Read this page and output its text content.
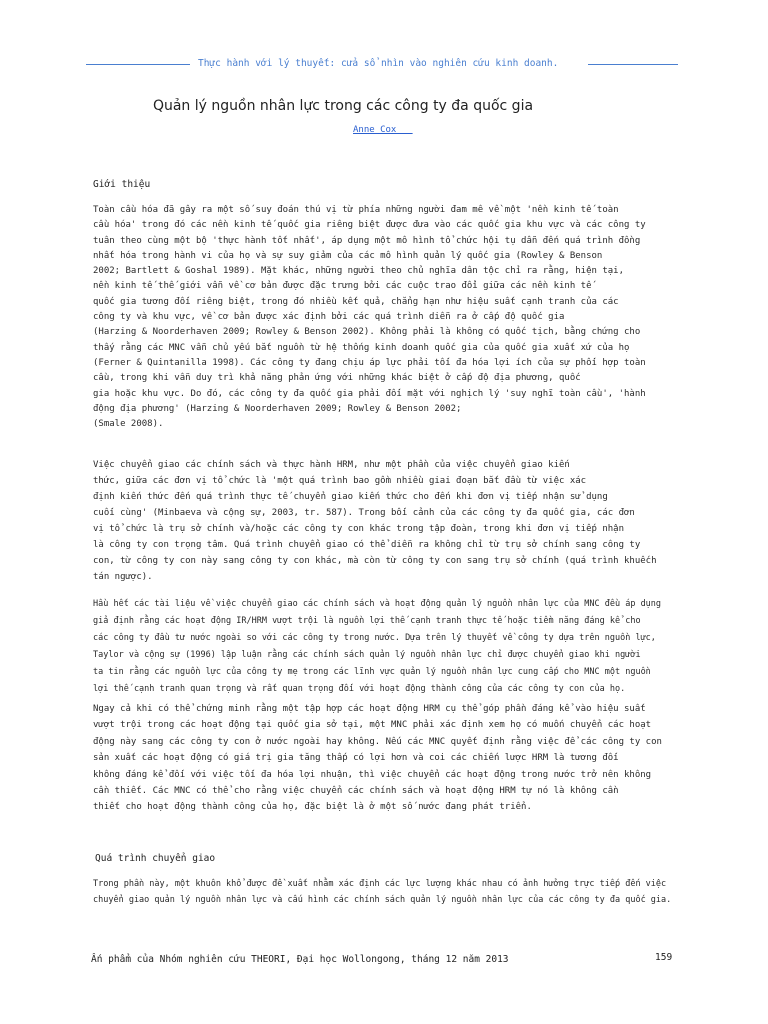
Thực hành với lý thuyết: cửa sổ nhìn vào nghiên cứu kinh doanh.
Quản lý nguồn nhân lực trong các công ty đa quốc gia
Anne Cox
Giới thiệu
Toàn cầu hóa đã gây ra một số suy đoán thú vị từ phía những người đam mê về một 'nền kinh tế toàn
cầu hóa' trong đó các nền kinh tế quốc gia riêng biệt được đưa vào các quốc gia khu vực và các công ty
tuân theo cùng một bộ 'thực hành tốt nhất', áp dụng một mô hình tổ chức hội tụ dẫn đến quá trình đồng
nhất hóa trong hành vi của họ và sự suy giảm của các mô hình quản lý quốc gia (Rowley & Benson
2002; Bartlett & Goshal 1989). Mặt khác, những người theo chủ nghĩa dân tộc chỉ ra rằng, hiện tại,
nền kinh tế thế giới vẫn về cơ bản được đặc trưng bởi các cuộc trao đổi giữa các nền kinh tế
quốc gia tương đối riêng biệt, trong đó nhiều kết quả, chẳng hạn như hiệu suất cạnh tranh của các
công ty và khu vực, về cơ bản được xác định bởi các quá trình diễn ra ở cấp độ quốc gia
(Harzing & Noorderhaven 2009; Rowley & Benson 2002). Không phải là không có quốc tịch, bằng chứng cho
thấy rằng các MNC vẫn chủ yếu bắt nguồn từ hệ thống kinh doanh quốc gia của quốc gia xuất xứ của họ
(Ferner & Quintanilla 1998). Các công ty đang chịu áp lực phải tối đa hóa lợi ích của sự phối hợp toàn
cầu, trong khi vẫn duy trì khả năng phản ứng với những khác biệt ở cấp độ địa phương, quốc
gia hoặc khu vực. Do đó, các công ty đa quốc gia phải đối mặt với nghịch lý 'suy nghĩ toàn cầu', 'hành
động địa phương' (Harzing & Noorderhaven 2009; Rowley & Benson 2002;
(Smale 2008).
Việc chuyển giao các chính sách và thực hành HRM, như một phần của việc chuyển giao kiến
thức, giữa các đơn vị tổ chức là 'một quá trình bao gồm nhiều giai đoạn bắt đầu từ việc xác
định kiến thức đến quá trình thực tế chuyển giao kiến thức cho đến khi đơn vị tiếp nhận sử dụng
cuối cùng' (Minbaeva và cộng sự, 2003, tr. 587). Trong bối cảnh của các công ty đa quốc gia, các đơn
vị tổ chức là trụ sở chính và/hoặc các công ty con khác trong tập đoàn, trong khi đơn vị tiếp nhận
là công ty con trọng tâm. Quá trình chuyển giao có thể diễn ra không chỉ từ trụ sở chính sang công ty
con, từ công ty con này sang công ty con khác, mà còn từ công ty con sang trụ sở chính (quá trình khuếch
tán ngược).
Hầu hết các tài liệu về việc chuyển giao các chính sách và hoạt động quản lý nguồn nhân lực của MNC đều áp dụng
giả định rằng các hoạt động IR/HRM vượt trội là nguồn lợi thế cạnh tranh thực tế hoặc tiềm năng đáng kể cho
các công ty đầu tư nước ngoài so với các công ty trong nước. Dựa trên lý thuyết về công ty dựa trên nguồn lực,
Taylor và cộng sự (1996) lập luận rằng các chính sách quản lý nguồn nhân lực chỉ được chuyển giao khi người
ta tin rằng các nguồn lực của công ty mẹ trong các lĩnh vực quản lý nguồn nhân lực cung cấp cho MNC một nguồn
lợi thế cạnh tranh quan trọng và rất quan trọng đối với hoạt động thành công của các công ty con của họ.
Ngay cả khi có thể chứng minh rằng một tập hợp các hoạt động HRM cụ thể góp phần đáng kể vào hiệu suất
vượt trội trong các hoạt động tại quốc gia sở tại, một MNC phải xác định xem họ có muốn chuyển các hoạt
động này sang các công ty con ở nước ngoài hay không. Nếu các MNC quyết định rằng việc để các công ty con
sản xuất các hoạt động có giá trị gia tăng thấp có lợi hơn và coi các chiến lược HRM là tương đối
không đáng kể đối với việc tối đa hóa lợi nhuận, thì việc chuyển các hoạt động trong nước trở nên không
cần thiết. Các MNC có thể cho rằng việc chuyển các chính sách và hoạt động HRM tự nó là không cần
thiết cho hoạt động thành công của họ, đặc biệt là ở một số nước đang phát triển.
Quá trình chuyển giao
Trong phần này, một khuôn khổ được đề xuất nhằm xác định các lực lượng khác nhau có ảnh hưởng trực tiếp đến việc
chuyển giao quản lý nguồn nhân lực và cấu hình các chính sách quản lý nguồn nhân lực của các công ty đa quốc gia.
Ấn phẩm của Nhóm nghiên cứu THEORI, Đại học Wollongong, tháng 12 năm 2013	159
